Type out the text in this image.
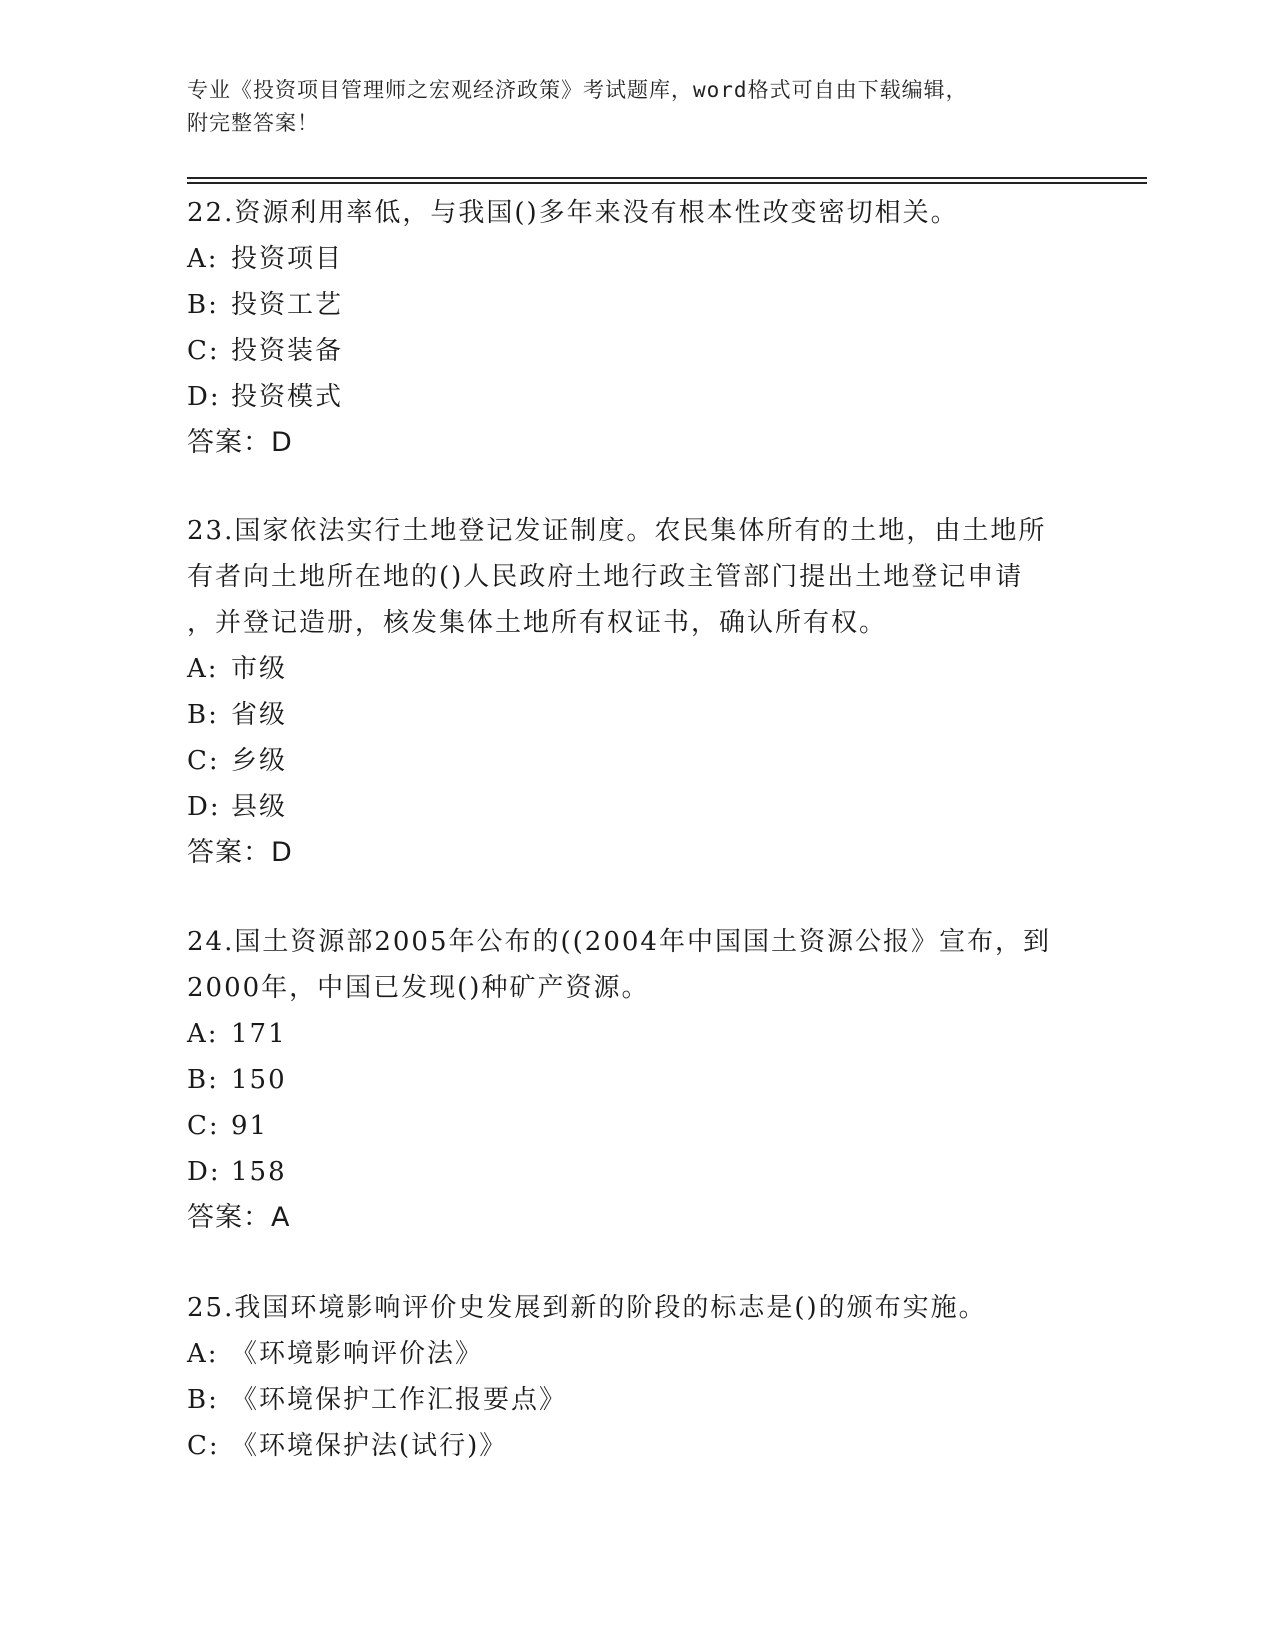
专业《投资项目管理师之宏观经济政策》考试题库，word格式可自由下载编辑，
附完整答案！

22.资源利用率低，与我国()多年来没有根本性改变密切相关。

A: 投资项目

B: 投资工艺

C: 投资装备

D: 投资模式

答案：D

23.国家依法实行土地登记发证制度。农民集体所有的土地，由土地所

有者向土地所在地的()人民政府土地行政主管部门提出土地登记申请

，并登记造册，核发集体土地所有权证书，确认所有权。

A: 市级

B: 省级

C: 乡级

D: 县级

答案：D

24.国土资源部2005年公布的((2004年中国国土资源公报》宣布，到

2000年，中国已发现()种矿产资源。

A: 171

B: 150

C: 91

D: 158

答案：A

25.我国环境影响评价史发展到新的阶段的标志是()的颁布实施。

A: 《环境影响评价法》

B: 《环境保护工作汇报要点》

C: 《环境保护法(试行)》
